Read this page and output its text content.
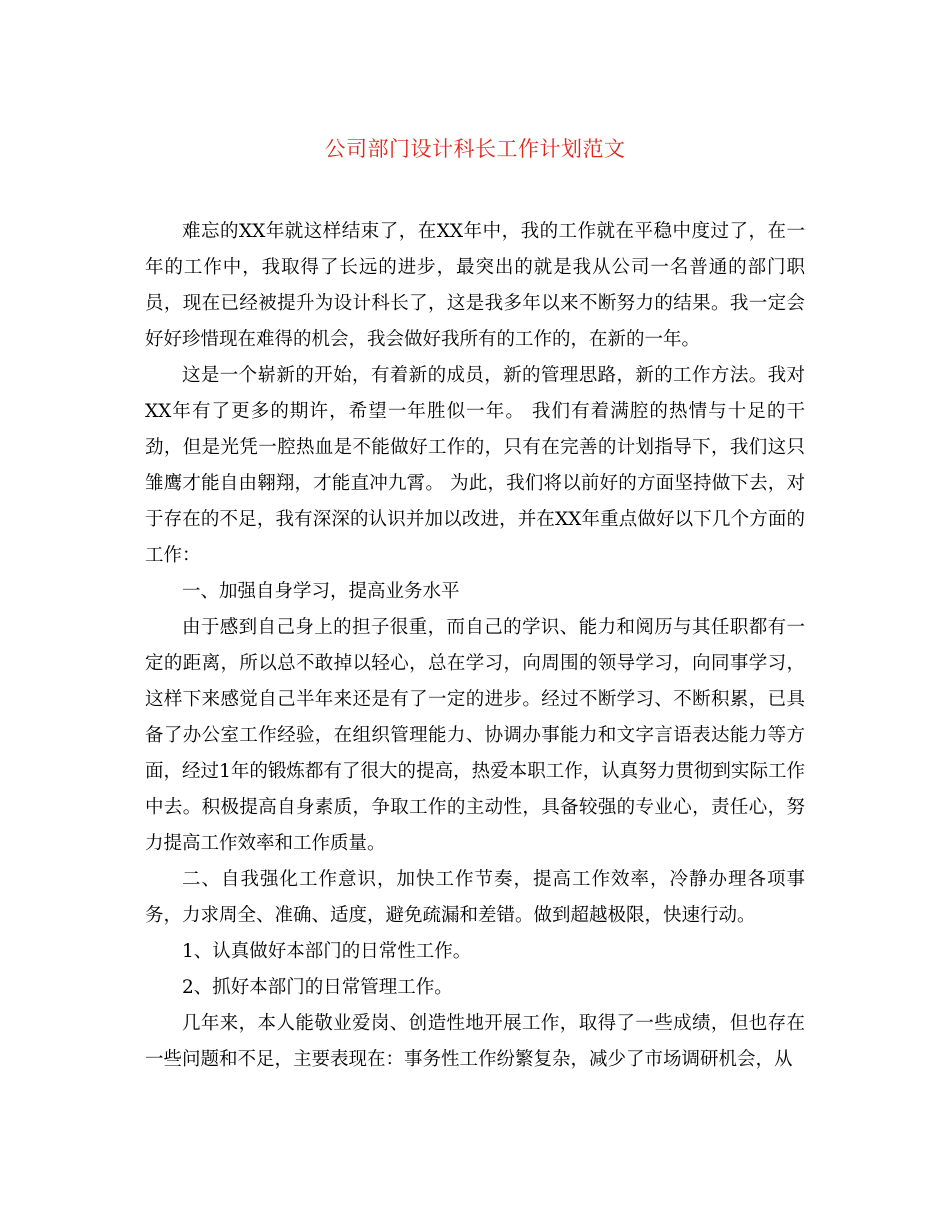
公司部门设计科长工作计划范文

难忘的XX年就这样结束了，在XX年中，我的工作就在平稳中度过了，在一年的工作中，我取得了长远的进步，最突出的就是我从公司一名普通的部门职员，现在已经被提升为设计科长了，这是我多年以来不断努力的结果。我一定会好好珍惜现在难得的机会，我会做好我所有的工作的，在新的一年。

这是一个崭新的开始，有着新的成员，新的管理思路，新的工作方法。我对XX年有了更多的期许，希望一年胜似一年。 我们有着满腔的热情与十足的干劲，但是光凭一腔热血是不能做好工作的，只有在完善的计划指导下，我们这只雏鹰才能自由翱翔，才能直冲九霄。 为此，我们将以前好的方面坚持做下去，对于存在的不足，我有深深的认识并加以改进，并在XX年重点做好以下几个方面的工作：

一、加强自身学习，提高业务水平

由于感到自己身上的担子很重，而自己的学识、能力和阅历与其任职都有一定的距离，所以总不敢掉以轻心，总在学习，向周围的领导学习，向同事学习，这样下来感觉自己半年来还是有了一定的进步。经过不断学习、不断积累，已具备了办公室工作经验，在组织管理能力、协调办事能力和文字言语表达能力等方面，经过1年的锻炼都有了很大的提高，热爱本职工作，认真努力贯彻到实际工作中去。积极提高自身素质，争取工作的主动性，具备较强的专业心，责任心，努力提高工作效率和工作质量。

二、自我强化工作意识，加快工作节奏，提高工作效率，冷静办理各项事务，力求周全、准确、适度，避免疏漏和差错。做到超越极限，快速行动。

1、认真做好本部门的日常性工作。

2、抓好本部门的日常管理工作。

几年来，本人能敬业爱岗、创造性地开展工作，取得了一些成绩，但也存在一些问题和不足，主要表现在：事务性工作纷繁复杂，减少了市场调研机会，从
